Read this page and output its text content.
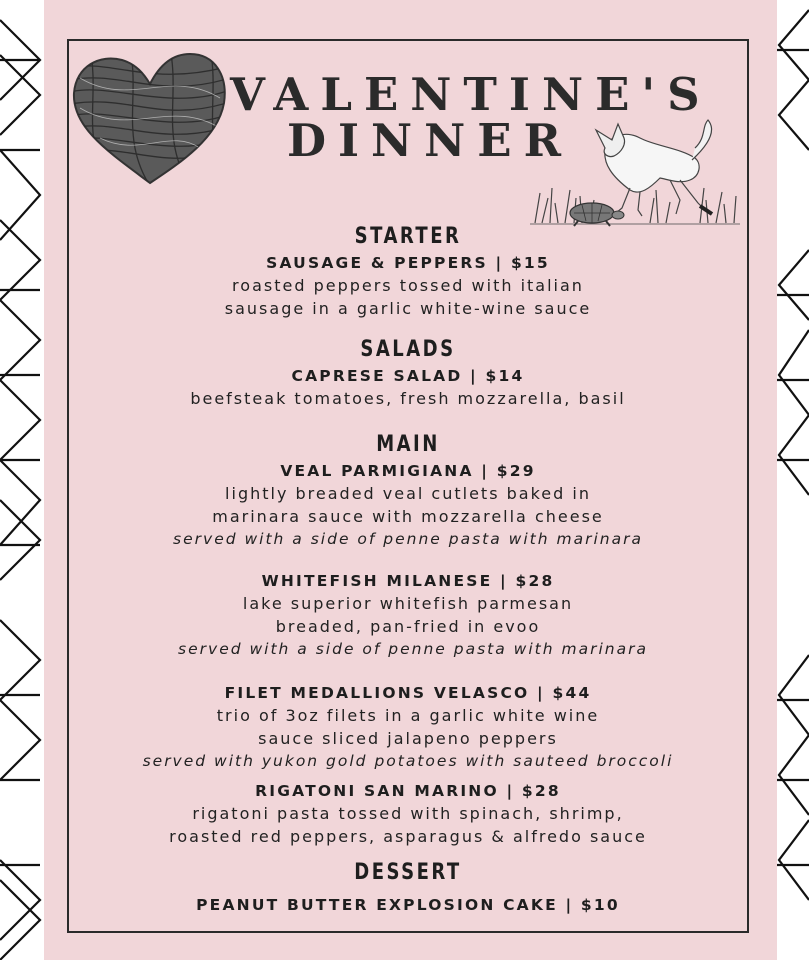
VALENTINE'S
DINNER

STARTER

SAUSAGE & PEPPERS | $15

roasted peppers tossed with italian

sausage in a garlic white-wine sauce

SALADS

CAPRESE SALAD | $14

beefsteak tomatoes, fresh mozzarella, basil

MAIN

VEAL PARMIGIANA | $29

lightly breaded veal cutlets baked in

marinara sauce with mozzarella cheese

served with a side of penne pasta with marinara

WHITEFISH MILANESE | $28

lake superior whitefish parmesan

breaded, pan-fried in evoo

served with a side of penne pasta with marinara

FILET MEDALLIONS VELASCO | $44

trio of 3oz filets in a garlic white wine

sauce sliced jalapeno peppers

served with yukon gold potatoes with sauteed broccoli

RIGATONI SAN MARINO | $28

rigatoni pasta tossed with spinach, shrimp,

roasted red peppers, asparagus & alfredo sauce

DESSERT

PEANUT BUTTER EXPLOSION CAKE | $10
